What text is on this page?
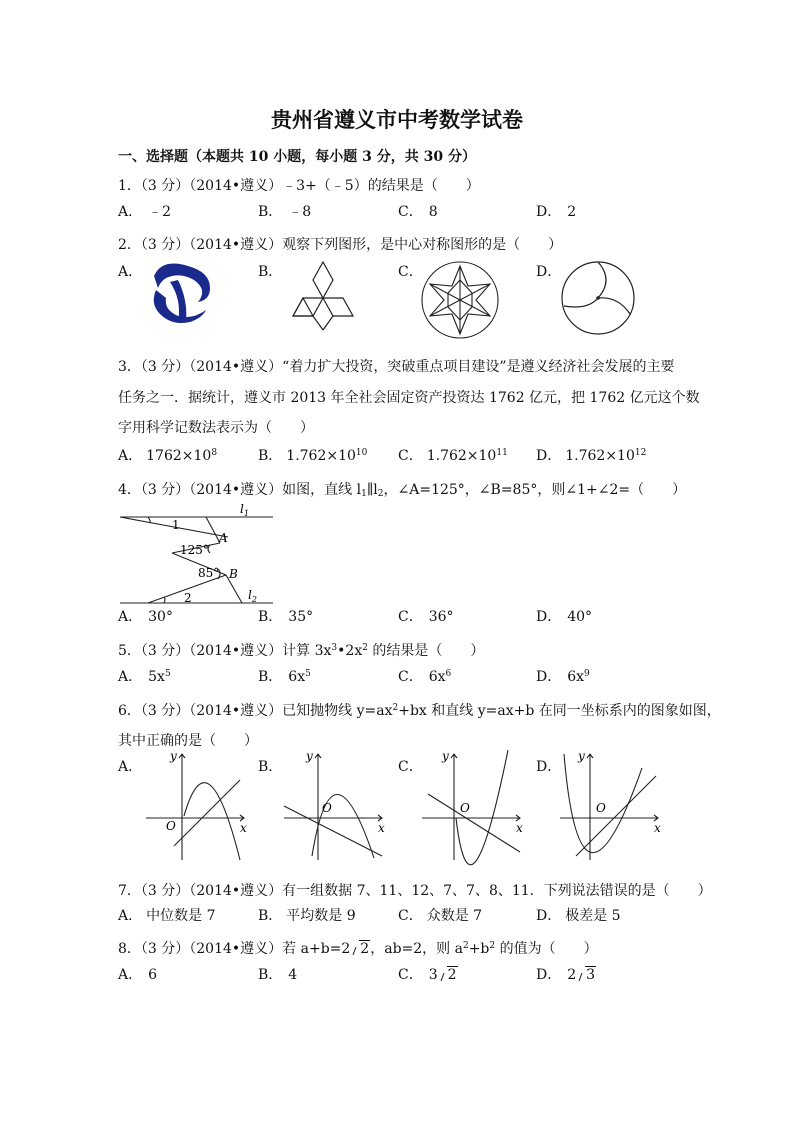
贵州省遵义市中考数学试卷
一、选择题（本题共 10 小题，每小题 3 分，共 30 分）
1．（3 分）（2014•遵义）﹣3+（﹣5）的结果是（　　）
A． ﹣2	B． ﹣8	C． 8	D． 2
2．（3 分）（2014•遵义）观察下列图形，是中心对称图形的是（　　）
A．	B．	C．	D．
3．（3 分）（2014•遵义）“着力扩大投资，突破重点项目建设”是遵义经济社会发展的主要
任务之一．据统计，遵义市 2013 年全社会固定资产投资达 1762 亿元，把 1762 亿元这个数
字用科学记数法表示为（　　）
A． $1762\times 10^8$	B． $1.762\times 10^{10}$ C． $1.762\times 10^{11}$ D． $1.762\times 10^{12}$
4．（3 分）（2014•遵义）如图，直线 $l_1\parallel l_2$，∠A=125°，∠B=85°，则∠1+∠2=（　　）
1
2
125°
85°
A
B
$l_1$
$l_2$
A． 30°	B． 35°	C． 36°	D． 40°
5．（3 分）（2014•遵义）计算 $3x^3•2x^2$ 的结果是（　　）
A． $5x^5$	B． $6x^5$	C． $6x^6$	D． $6x^9$
6．（3 分）（2014•遵义）已知抛物线 $y=ax^2+bx$ 和直线 y=ax+b 在同一坐标系内的图象如图，
其中正确的是（　　）
A．	B．	C．	D．
y
x
O
y
x
O
y
x
O
y
x
O
7．（3 分）（2014•遵义）有一组数据 7、11、12、7、7、8、11．下列说法错误的是（　　）
A． 中位数是 7	B． 平均数是 9	C． 众数是 7	D． 极差是 5
8．（3 分）（2014•遵义）若 a+b=2 2，ab=2，则 $a^2+b^2$ 的值为（　　）
A． 6	B． 4	C． 3 2	D． 2 3
